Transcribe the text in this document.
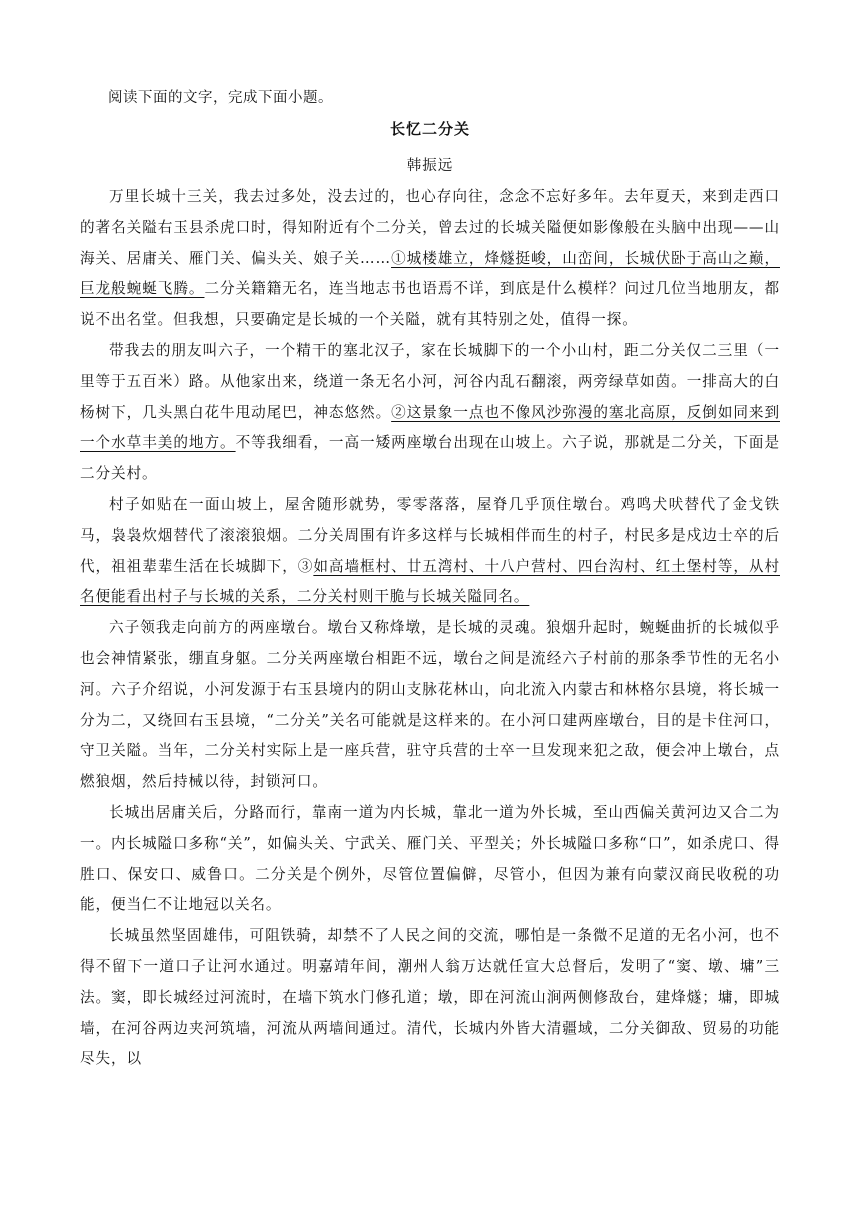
阅读下面的文字，完成下面小题。
长忆二分关
韩振远

万里长城十三关，我去过多处，没去过的，也心存向往，念念不忘好多年。去年夏天，来到走西口的著名关隘右玉县杀虎口时，得知附近有个二分关，曾去过的长城关隘便如影像般在头脑中出现——山海关、居庸关、雁门关、偏头关、娘子关……①城楼雄立，烽燧挺峻，山峦间，长城伏卧于高山之巅，巨龙般蜿蜒飞腾。二分关籍籍无名，连当地志书也语焉不详，到底是什么模样？问过几位当地朋友，都说不出名堂。但我想，只要确定是长城的一个关隘，就有其特别之处，值得一探。

带我去的朋友叫六子，一个精干的塞北汉子，家在长城脚下的一个小山村，距二分关仅二三里（一里等于五百米）路。从他家出来，绕道一条无名小河，河谷内乱石翻滚，两旁绿草如茵。一排高大的白杨树下，几头黑白花牛甩动尾巴，神态悠然。②这景象一点也不像风沙弥漫的塞北高原，反倒如同来到一个水草丰美的地方。不等我细看，一高一矮两座墩台出现在山坡上。六子说，那就是二分关，下面是二分关村。

村子如贴在一面山坡上，屋舍随形就势，零零落落，屋脊几乎顶住墩台。鸡鸣犬吠替代了金戈铁马，袅袅炊烟替代了滚滚狼烟。二分关周围有许多这样与长城相伴而生的村子，村民多是戍边士卒的后代，祖祖辈辈生活在长城脚下，③如高墙框村、廿五湾村、十八户营村、四台沟村、红土堡村等，从村名便能看出村子与长城的关系，二分关村则干脆与长城关隘同名。

六子领我走向前方的两座墩台。墩台又称烽墩，是长城的灵魂。狼烟升起时，蜿蜒曲折的长城似乎也会神情紧张，绷直身躯。二分关两座墩台相距不远，墩台之间是流经六子村前的那条季节性的无名小河。六子介绍说，小河发源于右玉县境内的阴山支脉花林山，向北流入内蒙古和林格尔县境，将长城一分为二，又绕回右玉县境，“二分关”关名可能就是这样来的。在小河口建两座墩台，目的是卡住河口，守卫关隘。当年，二分关村实际上是一座兵营，驻守兵营的士卒一旦发现来犯之敌，便会冲上墩台，点燃狼烟，然后持械以待，封锁河口。

长城出居庸关后，分路而行，靠南一道为内长城，靠北一道为外长城，至山西偏关黄河边又合二为一。内长城隘口多称“关”，如偏头关、宁武关、雁门关、平型关；外长城隘口多称“口”，如杀虎口、得胜口、保安口、威鲁口。二分关是个例外，尽管位置偏僻，尽管小，但因为兼有向蒙汉商民收税的功能，便当仁不让地冠以关名。

长城虽然坚固雄伟，可阻铁骑，却禁不了人民之间的交流，哪怕是一条微不足道的无名小河，也不得不留下一道口子让河水通过。明嘉靖年间，潮州人翁万达就任宣大总督后，发明了“窦、墩、墉”三法。窦，即长城经过河流时，在墙下筑水门修孔道；墩，即在河流山涧两侧修敌台，建烽燧；墉，即城墙，在河谷两边夹河筑墙，河流从两墙间通过。清代，长城内外皆大清疆域，二分关御敌、贸易的功能尽失，以
